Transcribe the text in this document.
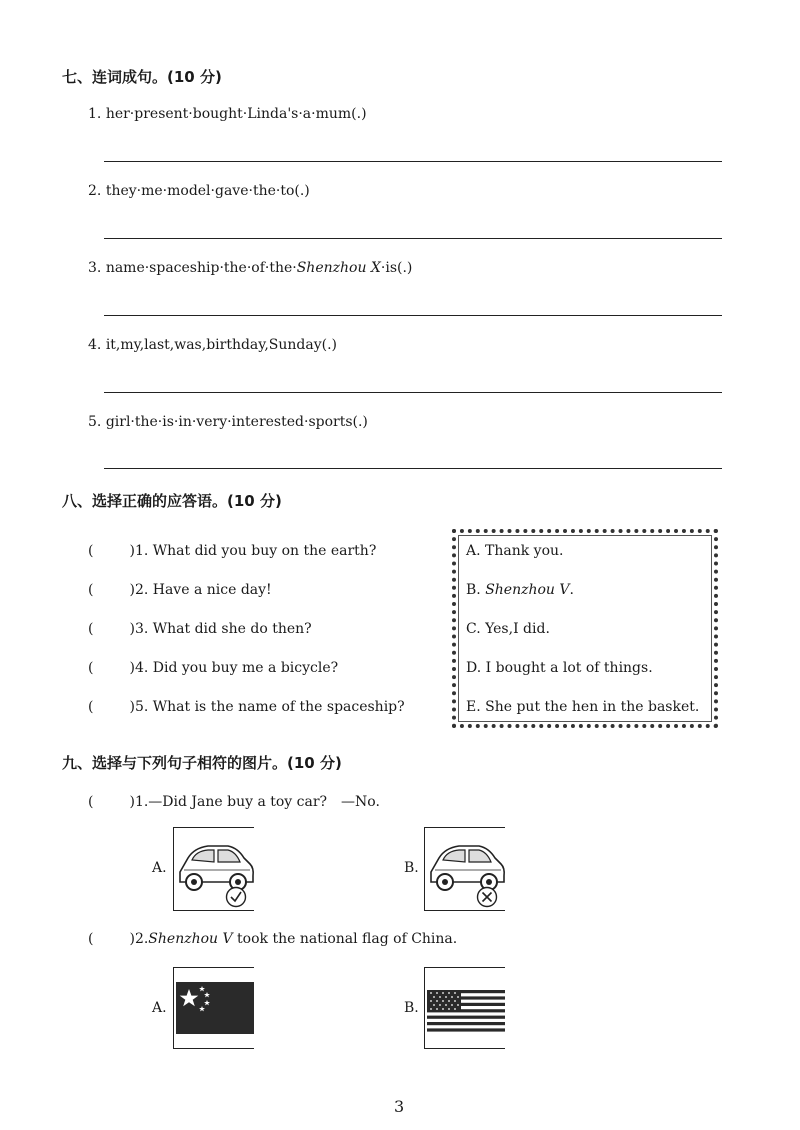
七、连词成句。(10 分)
1. her·present·bought·Linda's·a·mum(.)
2. they·me·model·gave·the·to(.)
3. name·spaceship·the·of·the·Shenzhou X·is(.)
4. it,my,last,was,birthday,Sunday(.)
5. girl·the·is·in·very·interested·sports(.)
八、选择正确的应答语。(10 分)
(	)1. What did you buy on the earth?
(	)2. Have a nice day!
(	)3. What did she do then?
(	)4. Did you buy me a bicycle?
(	)5. What is the name of the spaceship?
A. Thank you.
B. Shenzhou V.
C. Yes,I did.
D. I bought a lot of things.
E. She put the hen in the basket.
九、选择与下列句子相符的图片。(10 分)
(	)1.—Did Jane buy a toy car?　—No.
A.	B.
(	)2.Shenzhou V took the national flag of China.
A.	B.
3
